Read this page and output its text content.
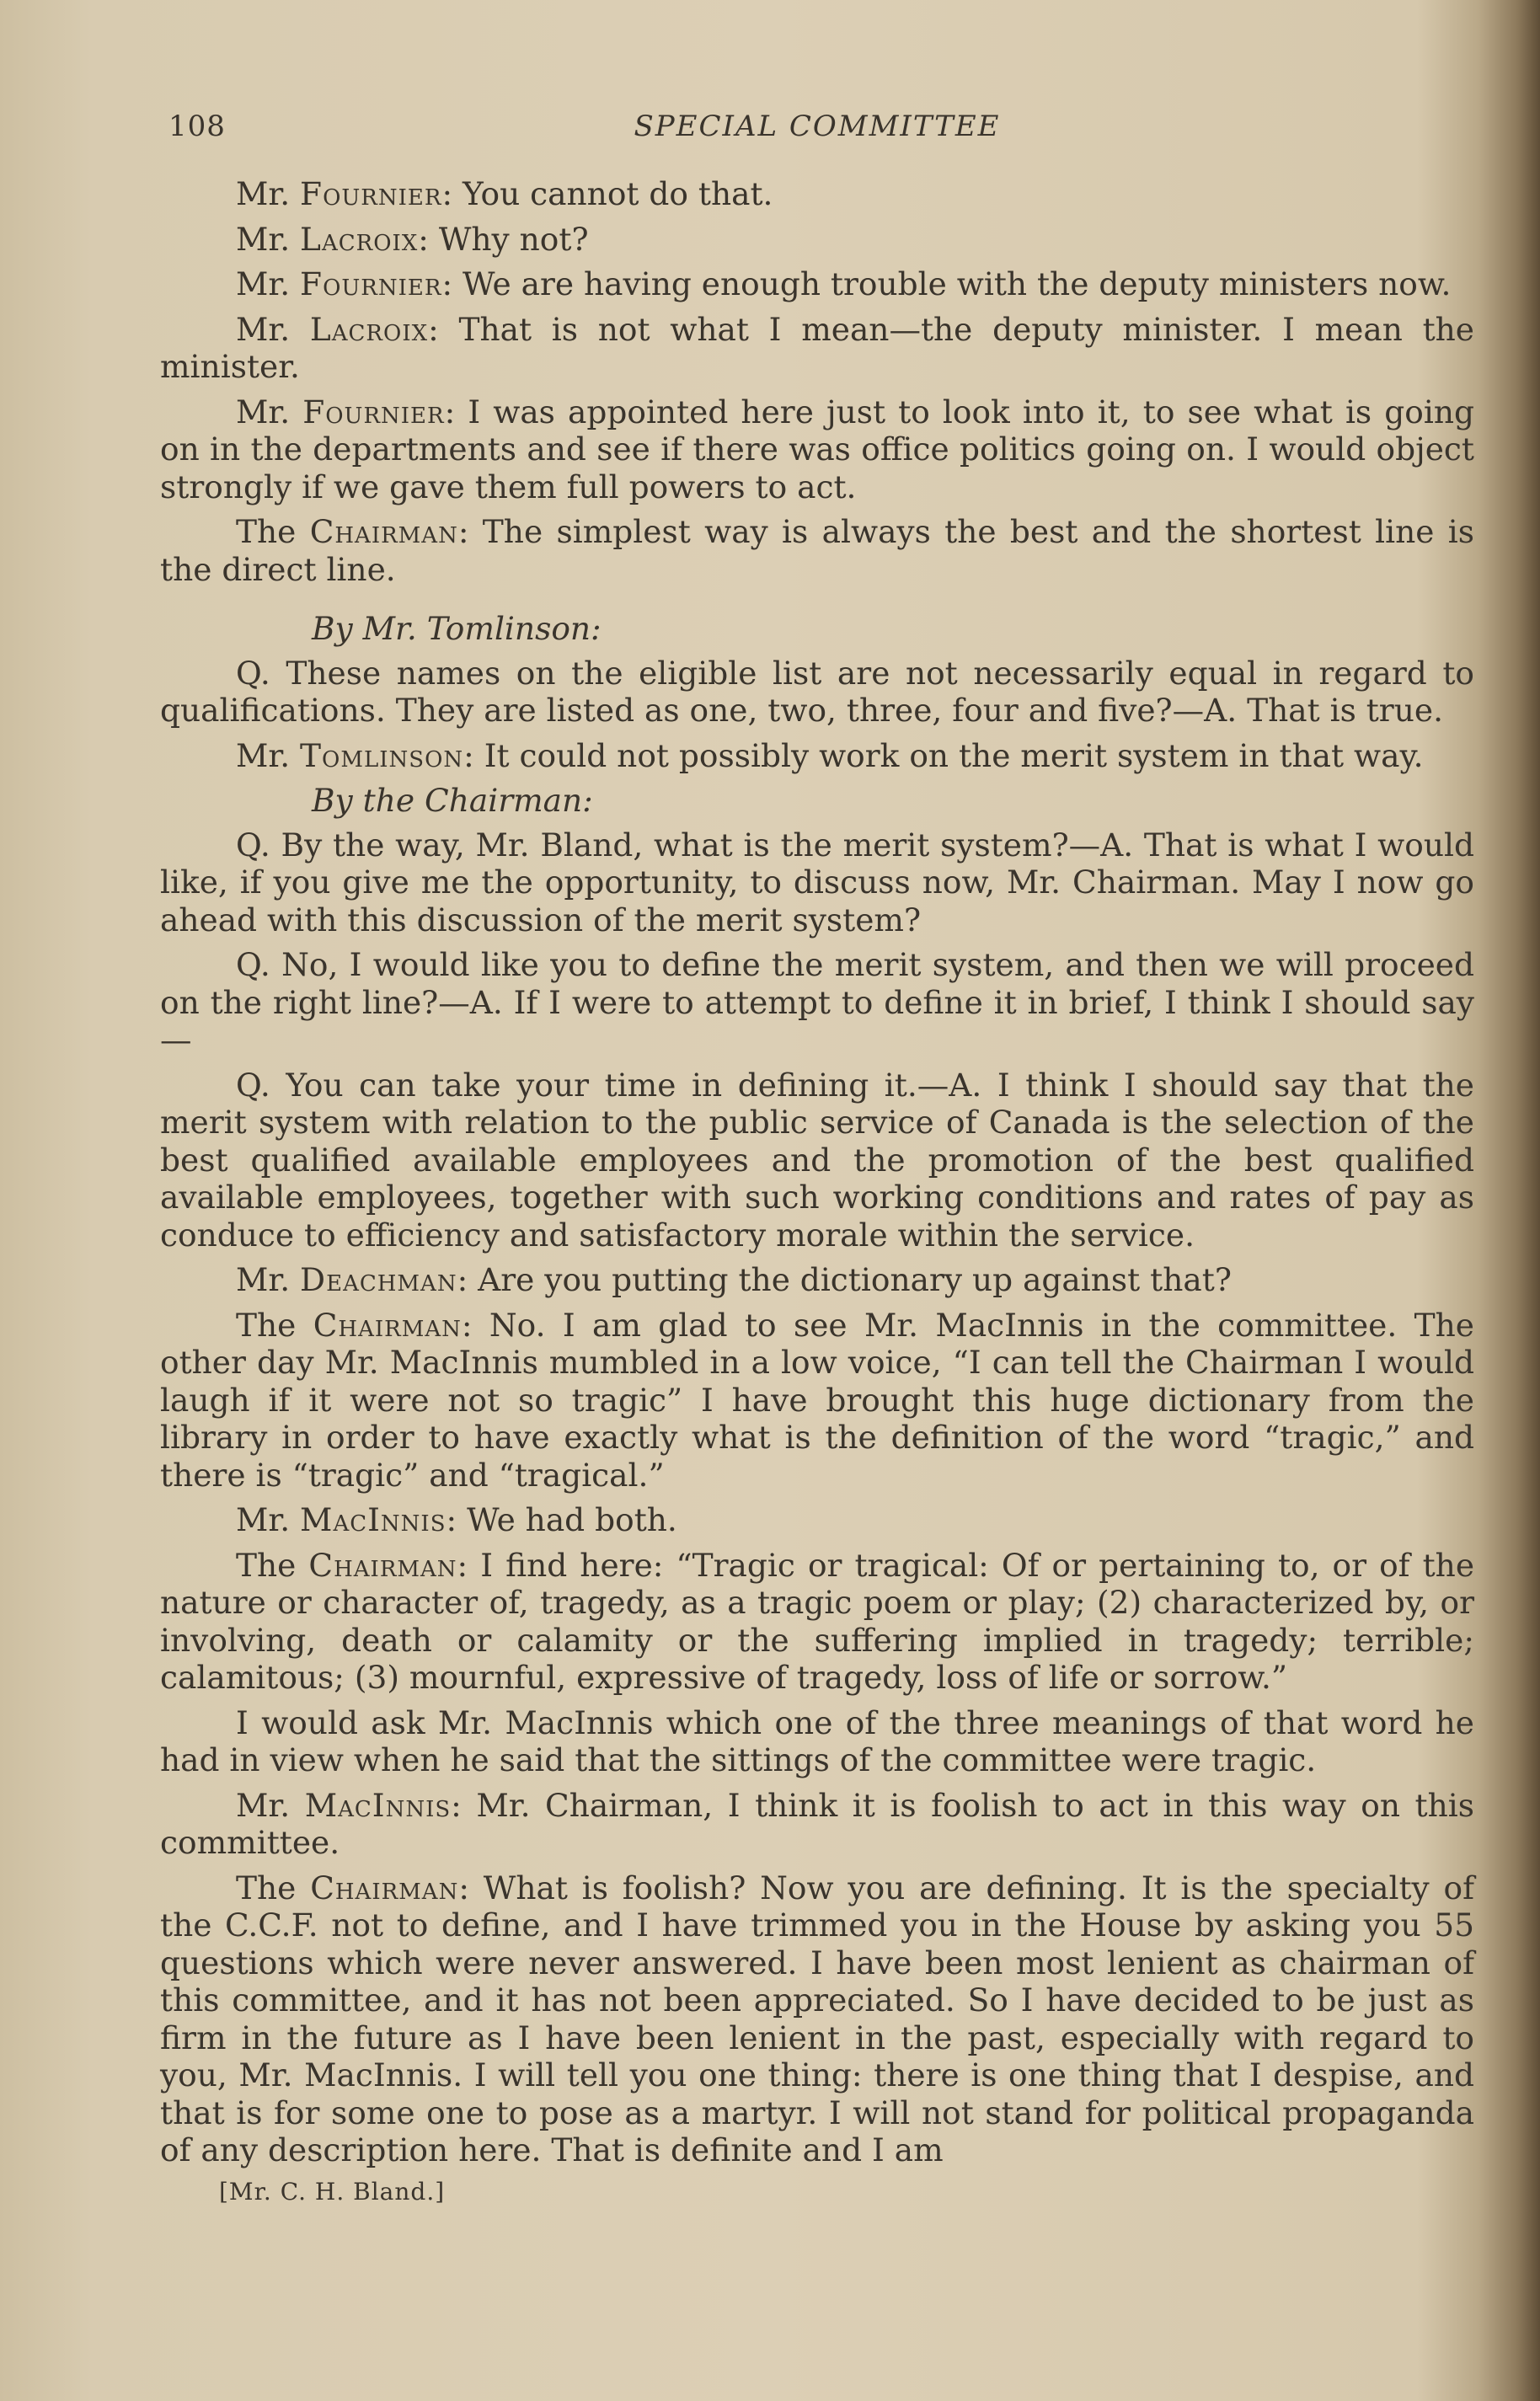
108	SPECIAL COMMITTEE

Mr. Fournier: You cannot do that.

Mr. Lacroix: Why not?

Mr. Fournier: We are having enough trouble with the deputy ministers now.

Mr. Lacroix: That is not what I mean—the deputy minister. I mean the minister.

Mr. Fournier: I was appointed here just to look into it, to see what is going on in the departments and see if there was office politics going on. I would object strongly if we gave them full powers to act.

The Chairman: The simplest way is always the best and the shortest line is the direct line.

By Mr. Tomlinson:

Q. These names on the eligible list are not necessarily equal in regard to qualifications. They are listed as one, two, three, four and five?—A. That is true.

Mr. Tomlinson: It could not possibly work on the merit system in that way.

By the Chairman:

Q. By the way, Mr. Bland, what is the merit system?—A. That is what I would like, if you give me the opportunity, to discuss now, Mr. Chairman. May I now go ahead with this discussion of the merit system?

Q. No, I would like you to define the merit system, and then we will proceed on the right line?—A. If I were to attempt to define it in brief, I think I should say—

Q. You can take your time in defining it.—A. I think I should say that the merit system with relation to the public service of Canada is the selection of the best qualified available employees and the promotion of the best qualified available employees, together with such working conditions and rates of pay as conduce to efficiency and satisfactory morale within the service.

Mr. Deachman: Are you putting the dictionary up against that?

The Chairman: No. I am glad to see Mr. MacInnis in the committee. The other day Mr. MacInnis mumbled in a low voice, “I can tell the Chairman I would laugh if it were not so tragic” I have brought this huge dictionary from the library in order to have exactly what is the definition of the word “tragic,” and there is “tragic” and “tragical.”

Mr. MacInnis: We had both.

The Chairman: I find here: “Tragic or tragical: Of or pertaining to, or of the nature or character of, tragedy, as a tragic poem or play; (2) characterized by, or involving, death or calamity or the suffering implied in tragedy; terrible; calamitous; (3) mournful, expressive of tragedy, loss of life or sorrow.”

I would ask Mr. MacInnis which one of the three meanings of that word he had in view when he said that the sittings of the committee were tragic.

Mr. MacInnis: Mr. Chairman, I think it is foolish to act in this way on this committee.

The Chairman: What is foolish? Now you are defining. It is the specialty of the C.C.F. not to define, and I have trimmed you in the House by asking you 55 questions which were never answered. I have been most lenient as chairman of this committee, and it has not been appreciated. So I have decided to be just as firm in the future as I have been lenient in the past, especially with regard to you, Mr. MacInnis. I will tell you one thing: there is one thing that I despise, and that is for some one to pose as a martyr. I will not stand for political propaganda of any description here. That is definite and I am

[Mr. C. H. Bland.]
